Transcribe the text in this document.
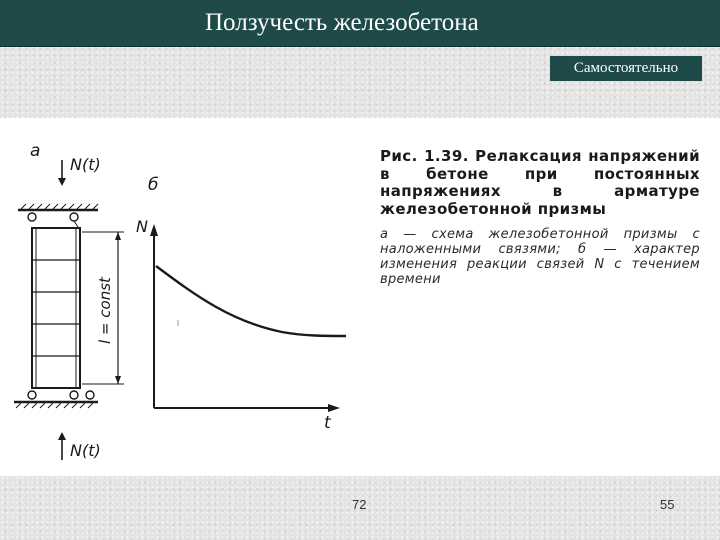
Ползучесть железобетона
Самостоятельно
а
N(t)
N(t)
l = const
б
N
t

Рис. 1.39. Релаксация напряжений в бетоне при постоянных напряжениях в арматуре железобетонной призмы

а — схема железобетонной призмы с наложенными связями; б — характер изменения реакции связей N с течением времени

72	55
